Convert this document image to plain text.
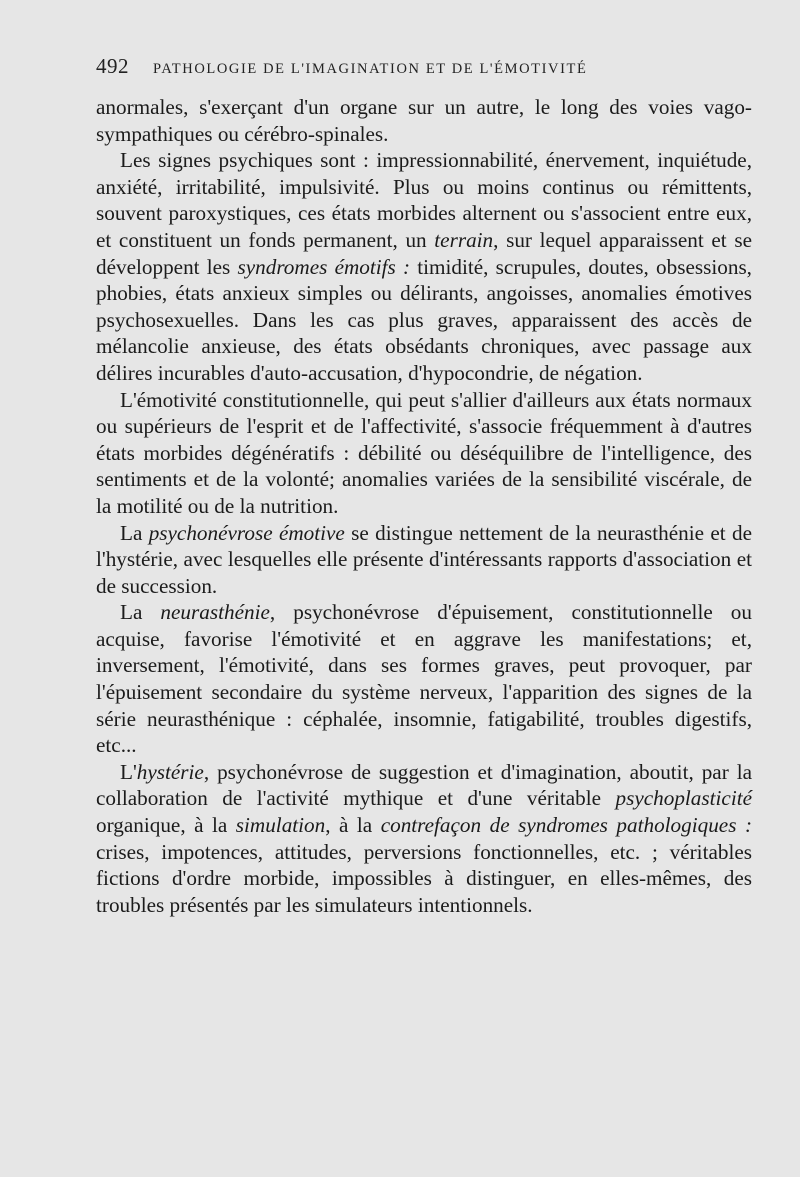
492 PATHOLOGIE DE L'IMAGINATION ET DE L'ÉMOTIVITÉ

anormales, s'exerçant d'un organe sur un autre, le long des voies vago-sympathiques ou cérébro-spinales.

Les signes psychiques sont : impressionnabilité, énervement, inquiétude, anxiété, irritabilité, impulsivité. Plus ou moins continus ou rémittents, souvent paroxystiques, ces états morbides alternent ou s'associent entre eux, et constituent un fonds permanent, un terrain, sur lequel apparaissent et se développent les syndromes émotifs : timidité, scrupules, doutes, obsessions, phobies, états anxieux simples ou délirants, angoisses, anomalies émotives psychosexuelles. Dans les cas plus graves, apparaissent des accès de mélancolie anxieuse, des états obsédants chroniques, avec passage aux délires incurables d'auto-accusation, d'hypocondrie, de négation.

L'émotivité constitutionnelle, qui peut s'allier d'ailleurs aux états normaux ou supérieurs de l'esprit et de l'affectivité, s'associe fréquemment à d'autres états morbides dégénératifs : débilité ou déséquilibre de l'intelligence, des sentiments et de la volonté; anomalies variées de la sensibilité viscérale, de la motilité ou de la nutrition.

La psychonévrose émotive se distingue nettement de la neurasthénie et de l'hystérie, avec lesquelles elle présente d'intéressants rapports d'association et de succession.

La neurasthénie, psychonévrose d'épuisement, constitutionnelle ou acquise, favorise l'émotivité et en aggrave les manifestations; et, inversement, l'émotivité, dans ses formes graves, peut provoquer, par l'épuisement secondaire du système nerveux, l'apparition des signes de la série neurasthénique : céphalée, insomnie, fatigabilité, troubles digestifs, etc...

L'hystérie, psychonévrose de suggestion et d'imagination, aboutit, par la collaboration de l'activité mythique et d'une véritable psychoplasticité organique, à la simulation, à la contrefaçon de syndromes pathologiques : crises, impotences, attitudes, perversions fonctionnelles, etc. ; véritables fictions d'ordre morbide, impossibles à distinguer, en elles-mêmes, des troubles présentés par les simulateurs intentionnels.
